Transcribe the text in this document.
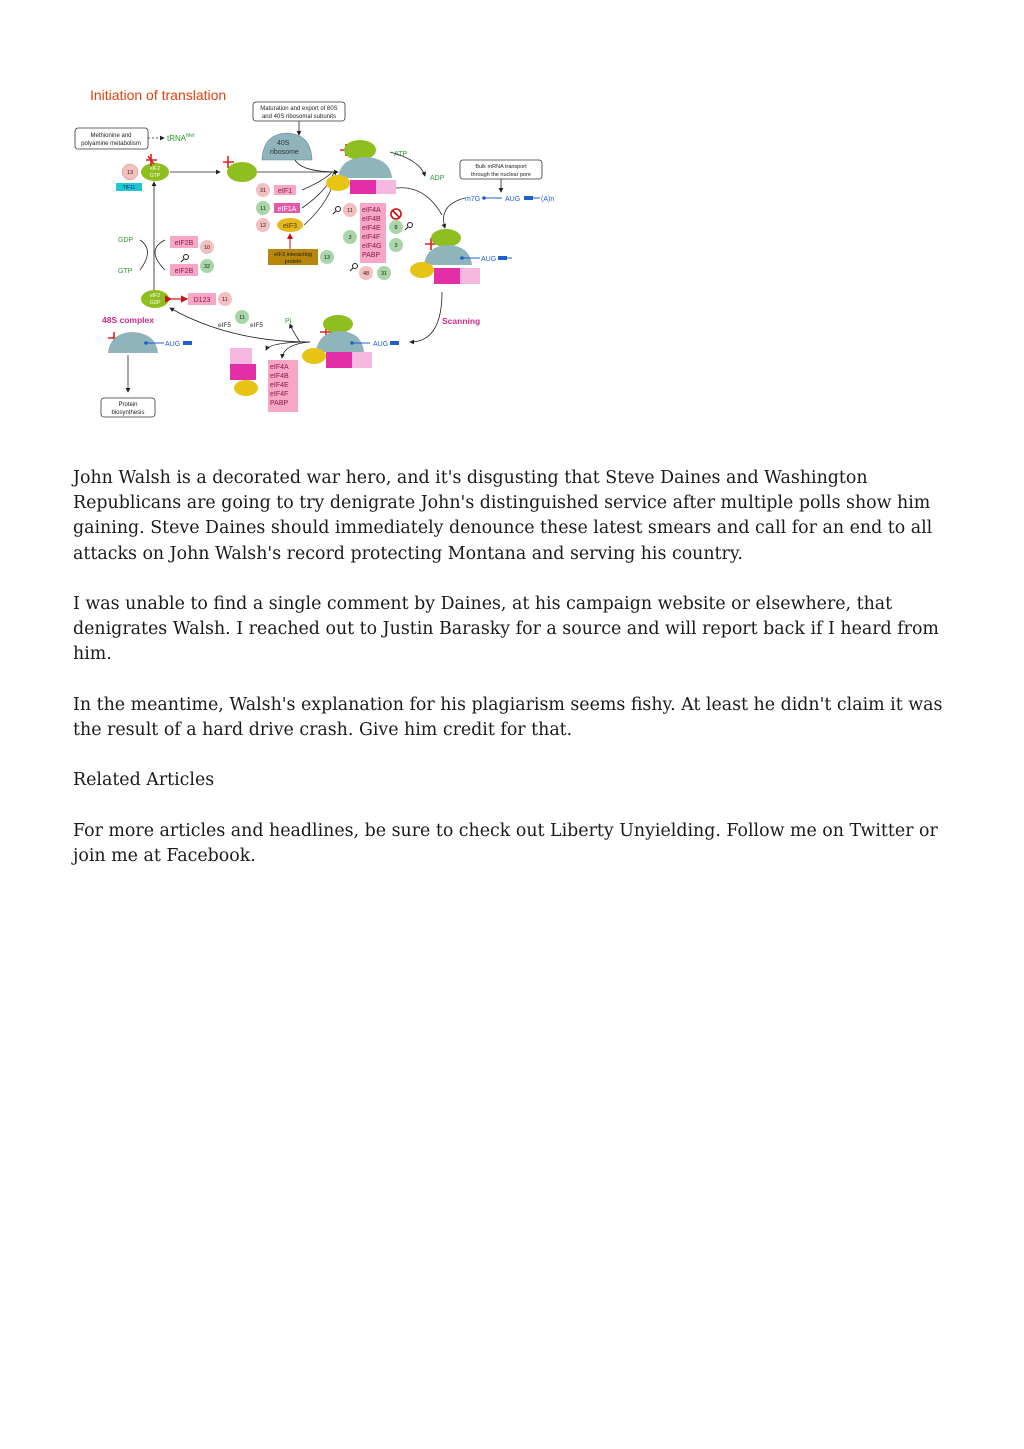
Initiation of translation
Maturation and export of 60S
and 40S ribosomal subunits
Methionine and
polyamine metabolism
tRNA$^{Met}$
40S
ribosome
13
eIF2
GTP
TIF11	31 eIF1
11 eIF1A
12 eIF3
eIF3 interacting
protein
13
ATP
ADP
Bulk mRNA transport
through the nuclear pore
m7G	AUG	(A)n
eIF4A
eIF4B
eIF4E
eIF4F
eIF4G
PABP
11
3
48 31
8
3
AUG
Scanning
eIF2B
eIF2B
10
32
GDP
GTP
eIF2
GDP	D123 11
11
eIF5	eIF5
Pi
AUG
eIF4A
eIF4B
eIF4E
eIF4F
PABP
48S complex
AUG
Protein
biosynthesis

John Walsh is a decorated war hero, and it's disgusting that Steve Daines and Washington Republicans are going to try denigrate John's distinguished service after multiple polls show him gaining. Steve Daines should immediately denounce these latest smears and call for an end to all attacks on John Walsh's record protecting Montana and serving his country.

I was unable to find a single comment by Daines, at his campaign website or elsewhere, that denigrates Walsh. I reached out to Justin Barasky for a source and will report back if I heard from him.

In the meantime, Walsh's explanation for his plagiarism seems fishy. At least he didn't claim it was the result of a hard drive crash. Give him credit for that.

Related Articles

For more articles and headlines, be sure to check out Liberty Unyielding. Follow me on Twitter or join me at Facebook.
